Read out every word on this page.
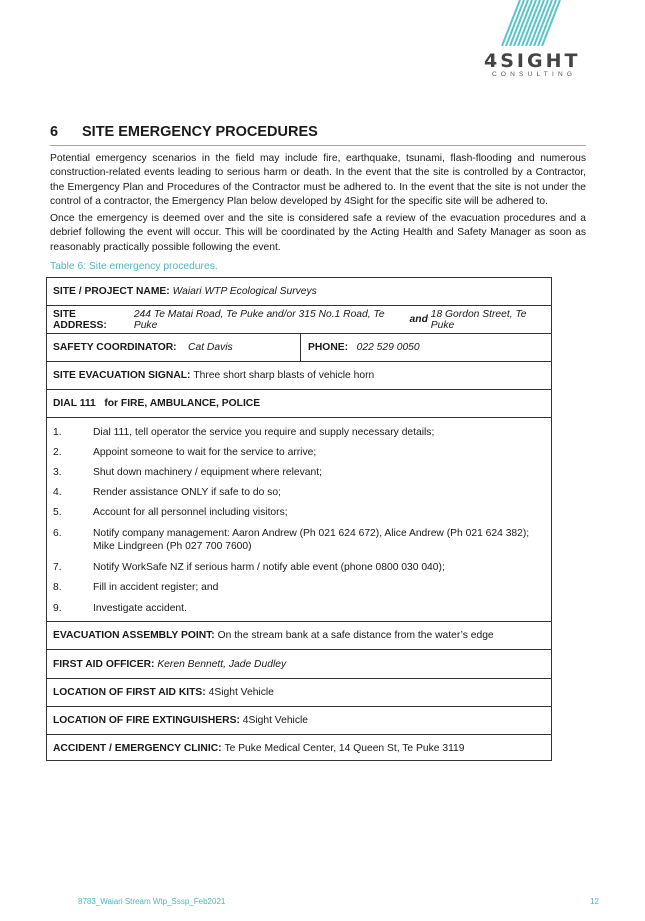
4SIGHT
CONSULTING
6 SITE EMERGENCY PROCEDURES
Potential emergency scenarios in the field may include fire, earthquake, tsunami, flash-flooding and numerous construction-related events leading to serious harm or death. In the event that the site is controlled by a Contractor, the Emergency Plan and Procedures of the Contractor must be adhered to. In the event that the site is not under the control of a contractor, the Emergency Plan below developed by 4Sight for the specific site will be adhered to.
Once the emergency is deemed over and the site is considered safe a review of the evacuation procedures and a debrief following the event will occur. This will be coordinated by the Acting Health and Safety Manager as soon as reasonably practically possible following the event.
Table 6: Site emergency procedures.
SITE / PROJECT NAME:
Waiari WTP Ecological Surveys
SITE ADDRESS:

244 Te Matai Road, Te Puke and/or 315 No.1 Road, Te Puke
	and
18 Gordon Street, Te Puke
SAFETY COORDINATOR:
Cat Davis	PHONE:
022 529 0050
SITE EVACUATION SIGNAL:
Three short sharp blasts of vehicle horn
DIAL 111   for FIRE, AMBULANCE, POLICE
1.	Dial 111, tell operator the service you require and supply necessary details;
2.	Appoint someone to wait for the service to arrive;
3.	Shut down machinery / equipment where relevant;
4.	Render assistance ONLY if safe to do so;
5.	Account for all personnel including visitors;
6.	Notify company management: Aaron Andrew (Ph 021 624 672), Alice Andrew (Ph 021 624 382); Mike Lindgreen (Ph 027 700 7600)
7.	Notify WorkSafe NZ if serious harm / notify able event (phone 0800 030 040);
8.	Fill in accident register; and
9.	Investigate accident.
EVACUATION ASSEMBLY POINT:
On the stream bank at a safe distance from the water’s edge
FIRST AID OFFICER:
Keren Bennett, Jade Dudley
LOCATION OF FIRST AID KITS:
4Sight Vehicle
LOCATION OF FIRE EXTINGUISHERS:
4Sight Vehicle
ACCIDENT / EMERGENCY CLINIC:
Te Puke Medical Center, 14 Queen St, Te Puke 3119
8783_Waiari Stream Wtp_Sssp_Feb2021	12
